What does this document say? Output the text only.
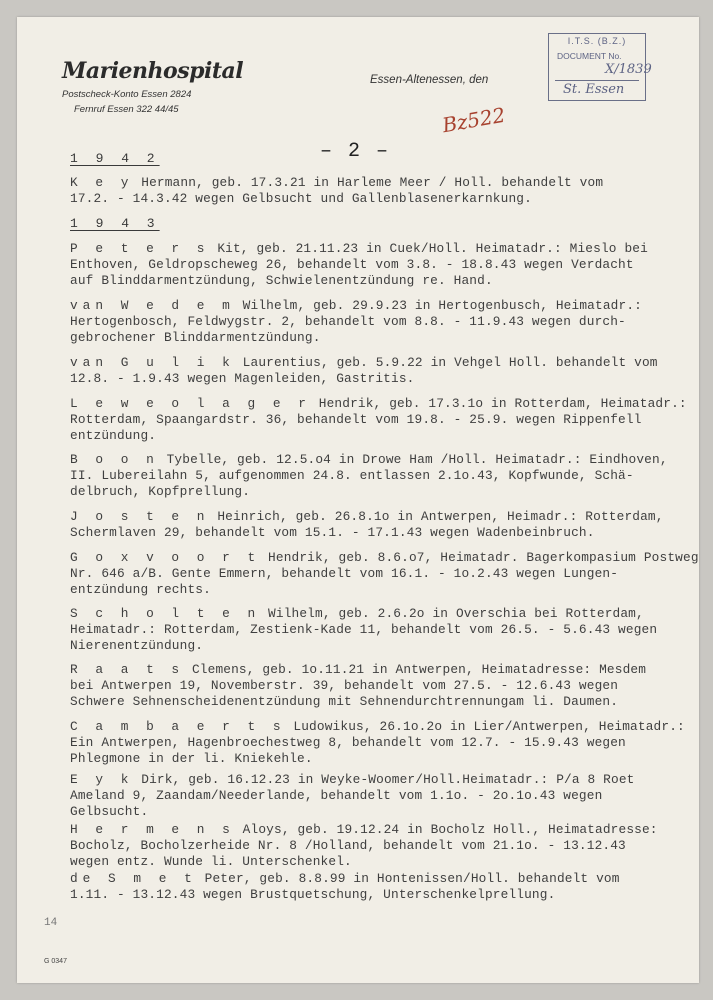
Marienhospital
Postscheck-Konto Essen 2824
Fernruf Essen 322 44/45
Essen-Altenessen, den
I.T.S. (B.Z.)
DOCUMENT No.
X/1839
St. Essen
Bz522
– 2 –
1 9 4 2
K e y Hermann, geb. 17.3.21 in Harleme Meer / Holl. behandelt vom
17.2. - 14.3.42 wegen Gelbsucht und Gallenblasenerkarnkung.
1 9 4 3
P e t e r s Kit, geb. 21.11.23 in Cuek/Holl. Heimatadr.: Mieslo bei
Enthoven, Geldropscheweg 26, behandelt vom 3.8. - 18.8.43 wegen Verdacht
auf Blinddarmentzündung, Schwielenentzündung re. Hand.
van W e d e m Wilhelm, geb. 29.9.23 in Hertogenbusch, Heimatadr.:
Hertogenbosch, Feldwygstr. 2, behandelt vom 8.8. - 11.9.43 wegen durch-
gebrochener Blinddarmentzündung.
van G u l i k Laurentius, geb. 5.9.22 in Vehgel Holl. behandelt vom
12.8. - 1.9.43 wegen Magenleiden, Gastritis.
L e w e o l a g e r Hendrik, geb. 17.3.1o in Rotterdam, Heimatadr.:
Rotterdam, Spaangardstr. 36, behandelt vom 19.8. - 25.9. wegen Rippenfell
entzündung.
B o o n Tybelle, geb. 12.5.o4 in Drowe Ham /Holl. Heimatadr.: Eindhoven,
II. Lubereilahn 5, aufgenommen 24.8. entlassen 2.1o.43, Kopfwunde, Schä-
delbruch, Kopfprellung.
J o s t e n Heinrich, geb. 26.8.1o in Antwerpen, Heimadr.: Rotterdam,
Schermlaven 29, behandelt vom 15.1. - 17.1.43 wegen Wadenbeinbruch.
G o x v o o r t Hendrik, geb. 8.6.o7, Heimatadr. Bagerkompasium Postweg
Nr. 646 a/B. Gente Emmern, behandelt vom 16.1. - 1o.2.43 wegen Lungen-
entzündung rechts.
S c h o l t e n Wilhelm, geb. 2.6.2o in Overschia bei Rotterdam,
Heimatadr.: Rotterdam, Zestienk-Kade 11, behandelt vom 26.5. - 5.6.43 wegen
Nierenentzündung.
R a a t s Clemens, geb. 1o.11.21 in Antwerpen, Heimatadresse: Mesdem
bei Antwerpen 19, Novemberstr. 39, behandelt vom 27.5. - 12.6.43 wegen
Schwere Sehnenscheidenentzündung mit Sehnendurchtrennungam li. Daumen.
C a m b a e r t s Ludowikus, 26.1o.2o in Lier/Antwerpen, Heimatadr.:
Ein Antwerpen, Hagenbroechestweg 8, behandelt vom 12.7. - 15.9.43 wegen
Phlegmone in der li. Kniekehle.
E y k Dirk, geb. 16.12.23 in Weyke-Woomer/Holl.Heimatadr.: P/a 8 Roet
Ameland 9, Zaandam/Neederlande, behandelt vom 1.1o. - 2o.1o.43 wegen
Gelbsucht.
H e r m e n s Aloys, geb. 19.12.24 in Bocholz Holl., Heimatadresse:
Bocholz, Bocholzerheide Nr. 8 /Holland, behandelt vom 21.1o. - 13.12.43
wegen entz. Wunde li. Unterschenkel.
de S m e t Peter, geb. 8.8.99 in Hontenissen/Holl. behandelt vom
1.11. - 13.12.43 wegen Brustquetschung, Unterschenkelprellung.
14
G 0347
